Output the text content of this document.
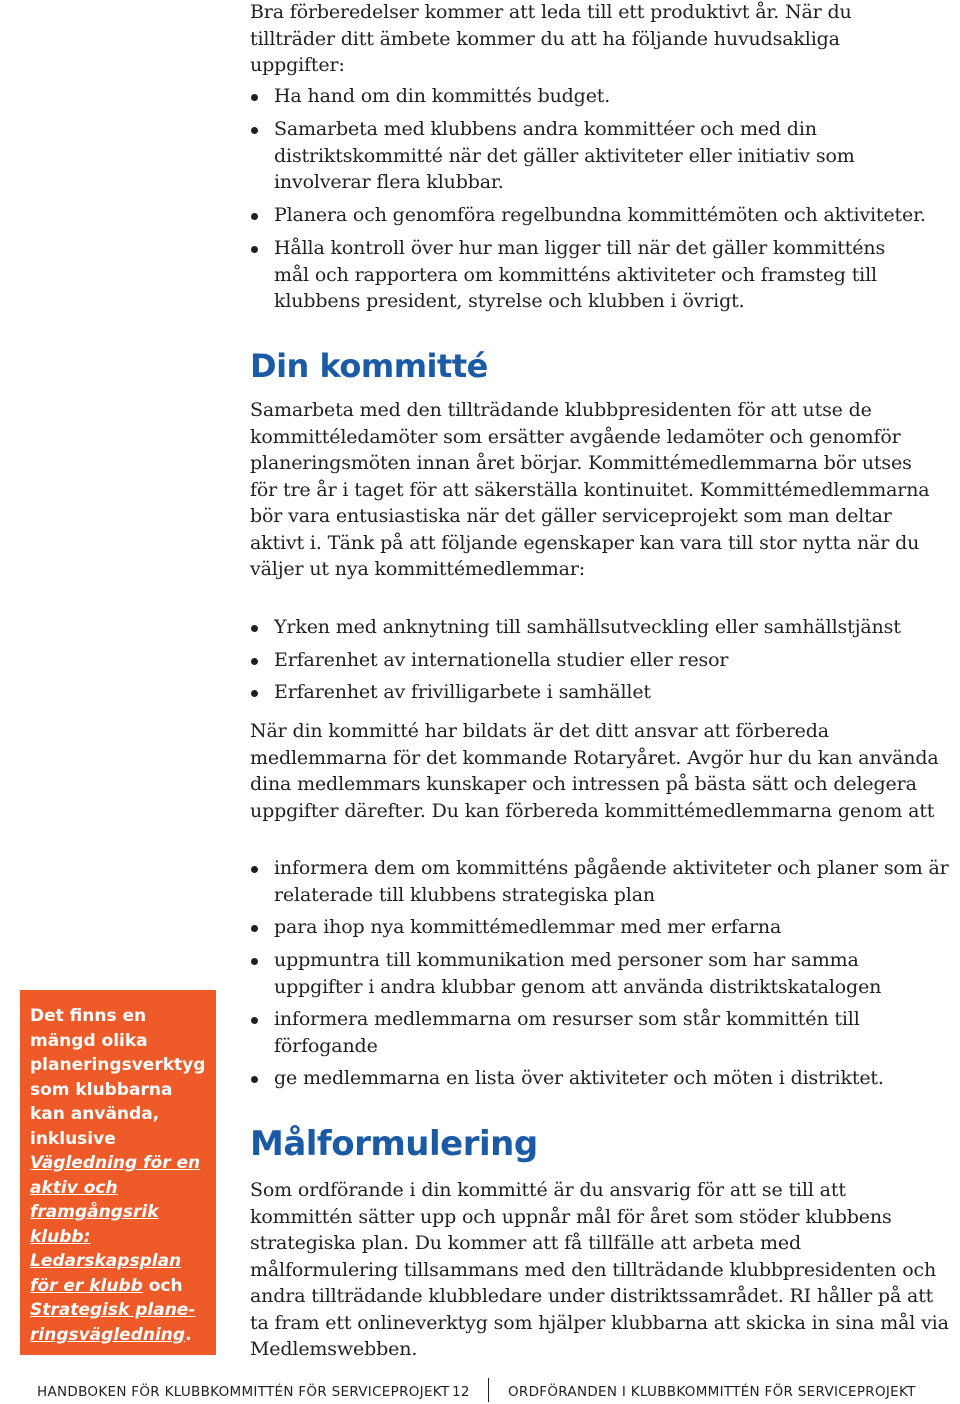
Bra förberedelser kommer att leda till ett produktivt år. När du tillträder ditt ämbete kommer du att ha följande huvudsakliga uppgifter:

Ha hand om din kommittés budget.
Samarbeta med klubbens andra kommittéer och med din distriktskommitté när det gäller aktiviteter eller initiativ som involverar flera klubbar.
Planera och genomföra regelbundna kommittémöten och aktiviteter.
Hålla kontroll över hur man ligger till när det gäller kommitténs mål och rapportera om kommitténs aktiviteter och framsteg till klubbens president, styrelse och klubben i övrigt.
Din kommitté

Samarbeta med den tillträdande klubbpresidenten för att utse de kommittéledamöter som ersätter avgående ledamöter och genomför planeringsmöten innan året börjar. Kommittémedlemmarna bör utses för tre år i taget för att säkerställa kontinuitet. Kommittémedlemmarna bör vara entusiastiska när det gäller serviceprojekt som man deltar aktivt i. Tänk på att följande egenskaper kan vara till stor nytta när du väljer ut nya kommittémedlemmar:

Yrken med anknytning till samhällsutveckling eller samhällstjänst
Erfarenhet av internationella studier eller resor
Erfarenhet av frivilligarbete i samhället

När din kommitté har bildats är det ditt ansvar att förbereda medlemmarna för det kommande Rotaryåret. Avgör hur du kan använda dina medlemmars kunskaper och intressen på bästa sätt och delegera uppgifter därefter. Du kan förbereda kommittémedlemmarna genom att

informera dem om kommitténs pågående aktiviteter och planer som är relaterade till klubbens strategiska plan
para ihop nya kommittémedlemmar med mer erfarna
uppmuntra till kommunikation med personer som har samma uppgifter i andra klubbar genom att använda distriktskatalogen
informera medlemmarna om resurser som står kommittén till förfogande
ge medlemmarna en lista över aktiviteter och möten i distriktet.
Målformulering

Som ordförande i din kommitté är du ansvarig för att se till att kommittén sätter upp och uppnår mål för året som stöder klubbens strategiska plan. Du kommer att få tillfälle att arbeta med målformulering tillsammans med den tillträdande klubbpresidenten och andra tillträdande klubbledare under distriktssamrådet. RI håller på att ta fram ett onlineverktyg som hjälper klubbarna att skicka in sina mål via Medlemswebben.

Det finns en mängd olika planeringsverktyg som klubbarna kan använda, inklusive Vägledning för en aktiv och framgångsrik klubb: Ledarskapsplan för er klubb och Strategisk planeringsvägledning.
HANDBOKEN FÖR KLUBBKOMMITTÉN FÖR SERVICEPROJEKT 12	ORDFÖRANDEN I KLUBBKOMMITTÉN FÖR SERVICEPROJEKT
